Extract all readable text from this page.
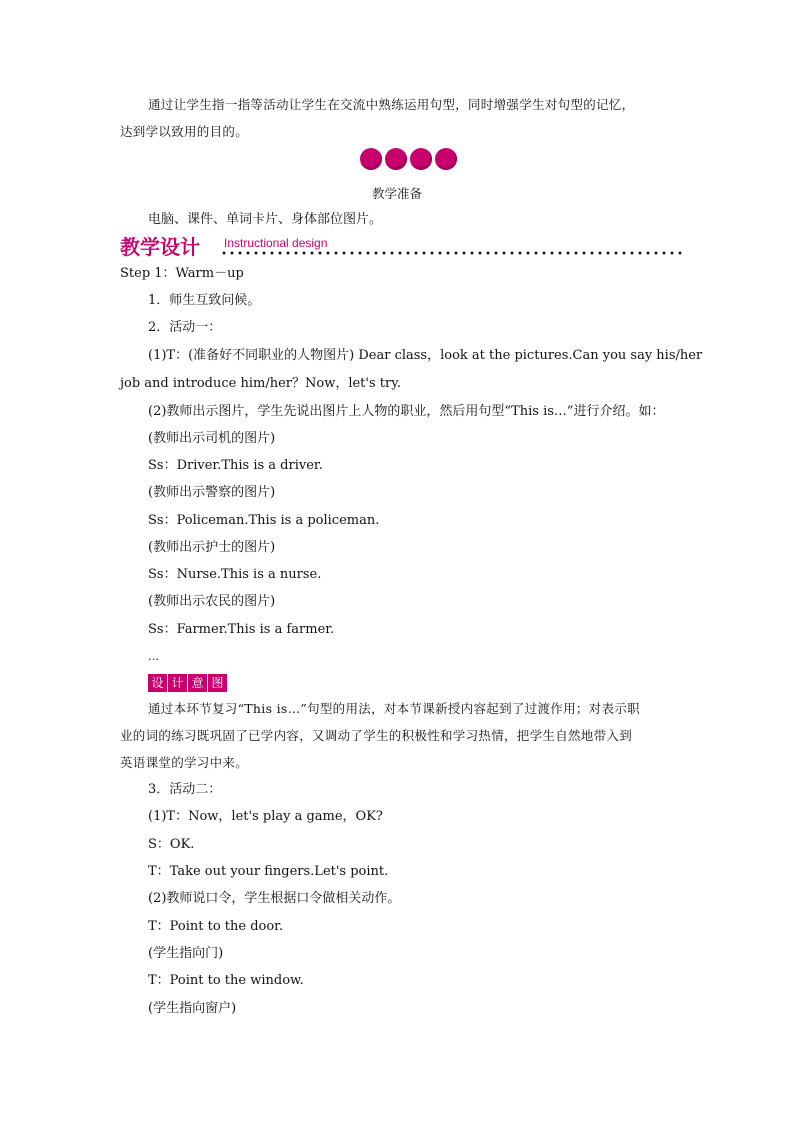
通过让学生指一指等活动让学生在交流中熟练运用句型，同时增强学生对句型的记忆，
达到学以致用的目的。
教学准备
电脑、课件、单词卡片、身体部位图片。
教学设计 Instructional design
Step 1：Warm－up
1．师生互致问候。
2．活动一：
(1)T：(准备好不同职业的人物图片) Dear class，look at the pictures.Can you say his/her
job and introduce him/her？Now，let's try.
(2)教师出示图片，学生先说出图片上人物的职业，然后用句型“This is…”进行介绍。如：
(教师出示司机的图片)
Ss：Driver.This is a driver.
(教师出示警察的图片)
Ss：Policeman.This is a policeman.
(教师出示护士的图片)
Ss：Nurse.This is a nurse.
(教师出示农民的图片)
Ss：Farmer.This is a farmer.
…
设 计 意 图
通过本环节复习“This is…”句型的用法，对本节课新授内容起到了过渡作用；对表示职
业的词的练习既巩固了已学内容，又调动了学生的积极性和学习热情，把学生自然地带入到
英语课堂的学习中来。
3．活动二：
(1)T：Now，let's play a game，OK?
S：OK.
T：Take out your fingers.Let's point.
(2)教师说口令，学生根据口令做相关动作。
T：Point to the door.
(学生指向门)
T：Point to the window.
(学生指向窗户)
